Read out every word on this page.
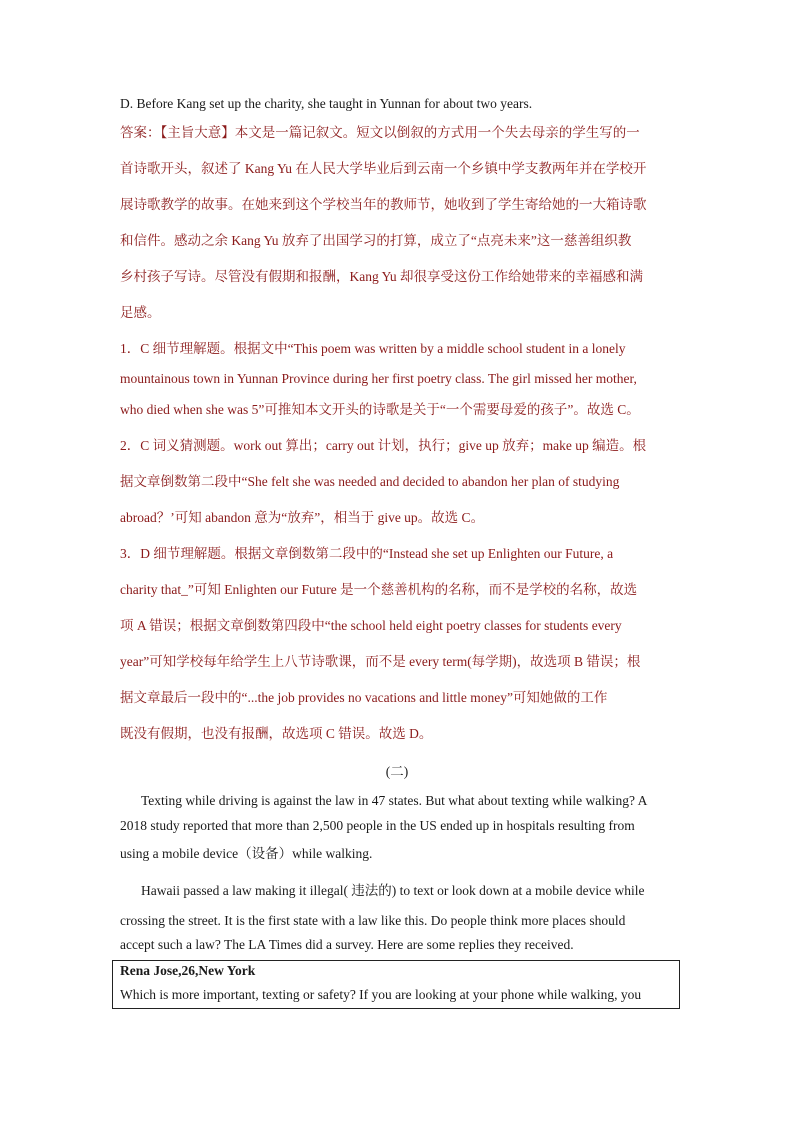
D. Before Kang set up the charity, she taught in Yunnan for about two years.
答案：【主旨大意】本文是一篇记叙文。短文以倒叙的方式用一个失去母亲的学生写的一
首诗歌开头，叙述了 Kang Yu 在人民大学毕业后到云南一个乡镇中学支教两年并在学校开
展诗歌教学的故事。在她来到这个学校当年的教师节，她收到了学生寄给她的一大箱诗歌
和信件。感动之余 Kang Yu 放弃了出国学习的打算，成立了“点亮未来”这一慈善组织教
乡村孩子写诗。尽管没有假期和报酬，Kang Yu 却很享受这份工作给她带来的幸福感和满
足感。
1．C 细节理解题。根据文中“This poem was written by a middle school student in a lonely
mountainous town in Yunnan Province during her first poetry class. The girl missed her mother,
who died when she was 5”可推知本文开头的诗歌是关于“一个需要母爱的孩子”。故选 C。
2．C 词义猜测题。work out 算出；carry out 计划，执行；give up 放弃；make up 编造。根
据文章倒数第二段中“She felt she was needed and decided to abandon her plan of studying
abroad？’可知 abandon 意为“放弃”，相当于 give up。故选 C。
3．D 细节理解题。根据文章倒数第二段中的“Instead she set up Enlighten our Future, a
charity that_”可知 Enlighten our Future 是一个慈善机构的名称，而不是学校的名称，故选
项 A 错误；根据文章倒数第四段中“the school held eight poetry classes for students every
year”可知学校每年给学生上八节诗歌课，而不是 every term(每学期)，故选项 B 错误；根
据文章最后一段中的“...the job provides no vacations and little money”可知她做的工作
既没有假期，也没有报酬，故选项 C 错误。故选 D。
(二)
Texting while driving is against the law in 47 states. But what about texting while walking? A
2018 study reported that more than 2,500 people in the US ended up in hospitals resulting from
using a mobile device（设备）while walking.
Hawaii passed a law making it illegal( 违法的) to text or look down at a mobile device while
crossing the street. It is the first state with a law like this. Do people think more places should
accept such a law? The LA Times did a survey. Here are some replies they received.
Rena Jose,26,New York
Which is more important, texting or safety? If you are looking at your phone while walking, you
